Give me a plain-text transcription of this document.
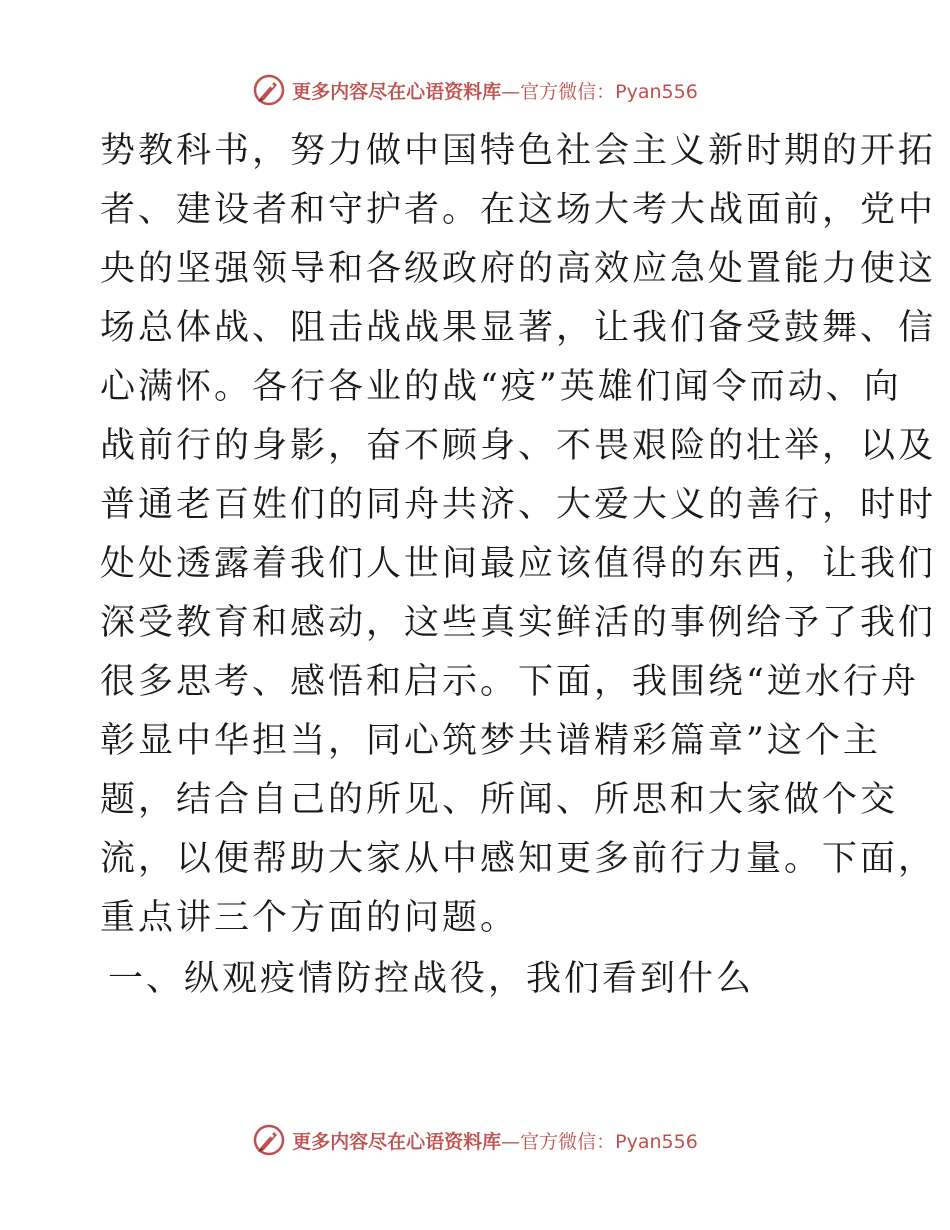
更多内容尽在心语资料库—官方微信：Pyan556
势教科书，努力做中国特色社会主义新时期的开拓
者、建设者和守护者。在这场大考大战面前，党中
央的坚强领导和各级政府的高效应急处置能力使这
场总体战、阻击战战果显著，让我们备受鼓舞、信
心满怀。各行各业的战“疫”英雄们闻令而动、向
战前行的身影，奋不顾身、不畏艰险的壮举，以及
普通老百姓们的同舟共济、大爱大义的善行，时时
处处透露着我们人世间最应该值得的东西，让我们
深受教育和感动，这些真实鲜活的事例给予了我们
很多思考、感悟和启示。下面，我围绕“逆水行舟
彰显中华担当，同心筑梦共谱精彩篇章”这个主
题，结合自己的所见、所闻、所思和大家做个交
流，以便帮助大家从中感知更多前行力量。下面，
重点讲三个方面的问题。
一、纵观疫情防控战役，我们看到什么
更多内容尽在心语资料库—官方微信：Pyan556
